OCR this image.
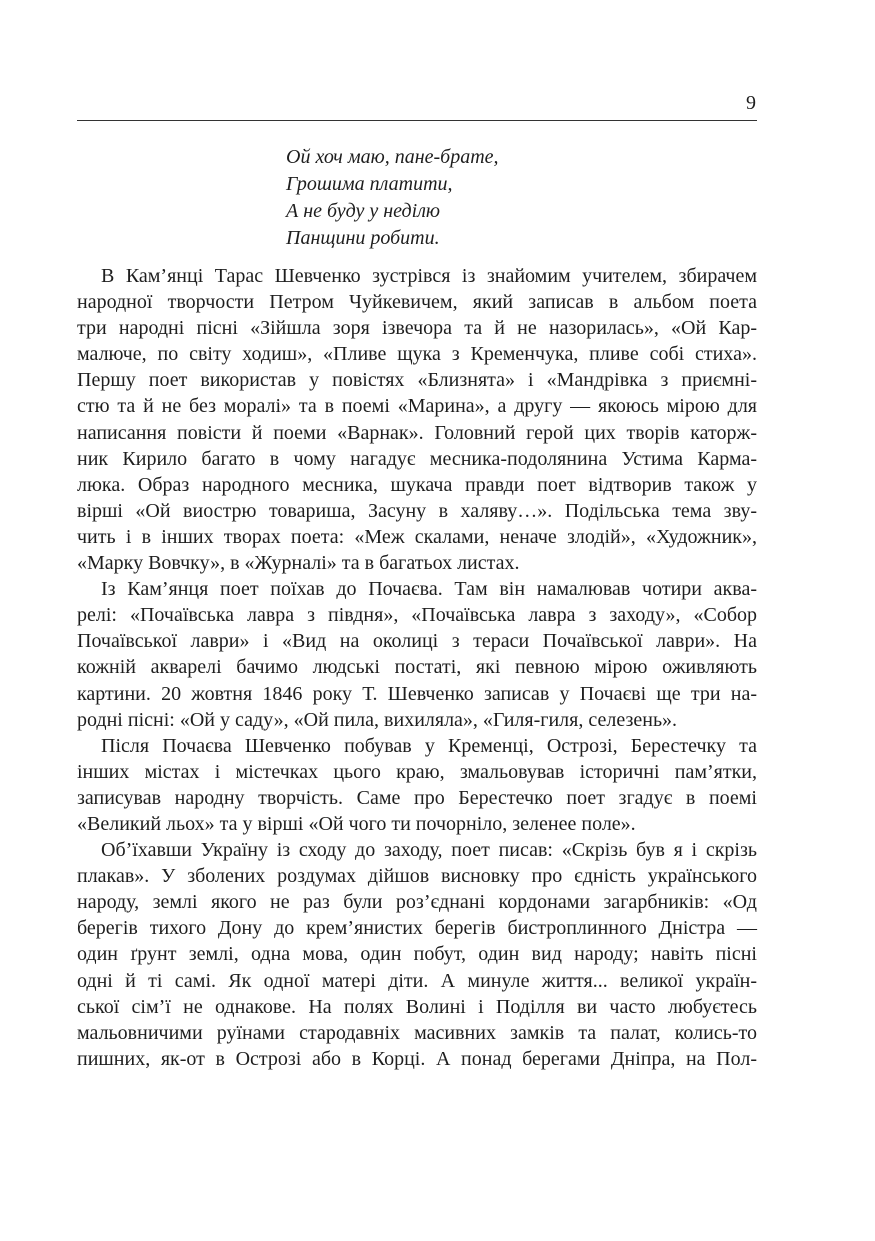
9
Ой хоч маю, пане-брате,
Грошима платити,
А не буду у неділю
Панщини робити.
В Кам’янці Тарас Шевченко зустрівся із знайомим учителем, збирачем
народної творчости Петром Чуйкевичем, який записав в альбом поета
три народні пісні «Зійшла зоря ізвечора та й не назорилась», «Ой Кар-
малюче, по світу ходиш», «Пливе щука з Кременчука, пливе собі стиха».
Першу поет використав у повістях «Близнята» і «Мандрівка з приємні-
стю та й не без моралі» та в поемі «Марина», а другу — якоюсь мірою для
написання повісти й поеми «Варнак». Головний герой цих творів каторж-
ник Кирило багато в чому нагадує месника-подолянина Устима Карма-
люка. Образ народного месника, шукача правди поет відтворив також у
вірші «Ой виострю товариша, Засуну в халяву…». Подільська тема зву-
чить і в інших творах поета: «Меж скалами, неначе злодій», «Художник»,
«Марку Вовчку», в «Журналі» та в багатьох листах.
Із Кам’янця поет поїхав до Почаєва. Там він намалював чотири аква-
релі: «Почаївська лавра з півдня», «Почаївська лавра з заходу», «Собор
Почаївської лаври» і «Вид на околиці з тераси Почаївської лаври». На
кожній акварелі бачимо людські постаті, які певною мірою оживляють
картини. 20 жовтня 1846 року Т. Шевченко записав у Почаєві ще три на-
родні пісні: «Ой у саду», «Ой пила, вихиляла», «Гиля-гиля, селезень».
Після Почаєва Шевченко побував у Кременці, Острозі, Берестечку та
інших містах і містечках цього краю, змальовував історичні пам’ятки,
записував народну творчість. Саме про Берестечко поет згадує в поемі
«Великий льох» та у вірші «Ой чого ти почорніло, зеленее поле».
Об’їхавши Україну із сходу до заходу, поет писав: «Скрізь був я і скрізь
плакав». У зболених роздумах дійшов висновку про єдність українського
народу, землі якого не раз були роз’єднані кордонами загарбників: «Од
берегів тихого Дону до крем’янистих берегів бистроплинного Дністра —
один ґрунт землі, одна мова, один побут, один вид народу; навіть пісні
одні й ті самі. Як одної матері діти. А минуле життя... великої україн-
ської сім’ї не однакове. На полях Волині і Поділля ви часто любуєтесь
мальовничими руїнами стародавніх масивних замків та палат, колись-то
пишних, як-от в Острозі або в Корці. А понад берегами Дніпра, на Пол-
